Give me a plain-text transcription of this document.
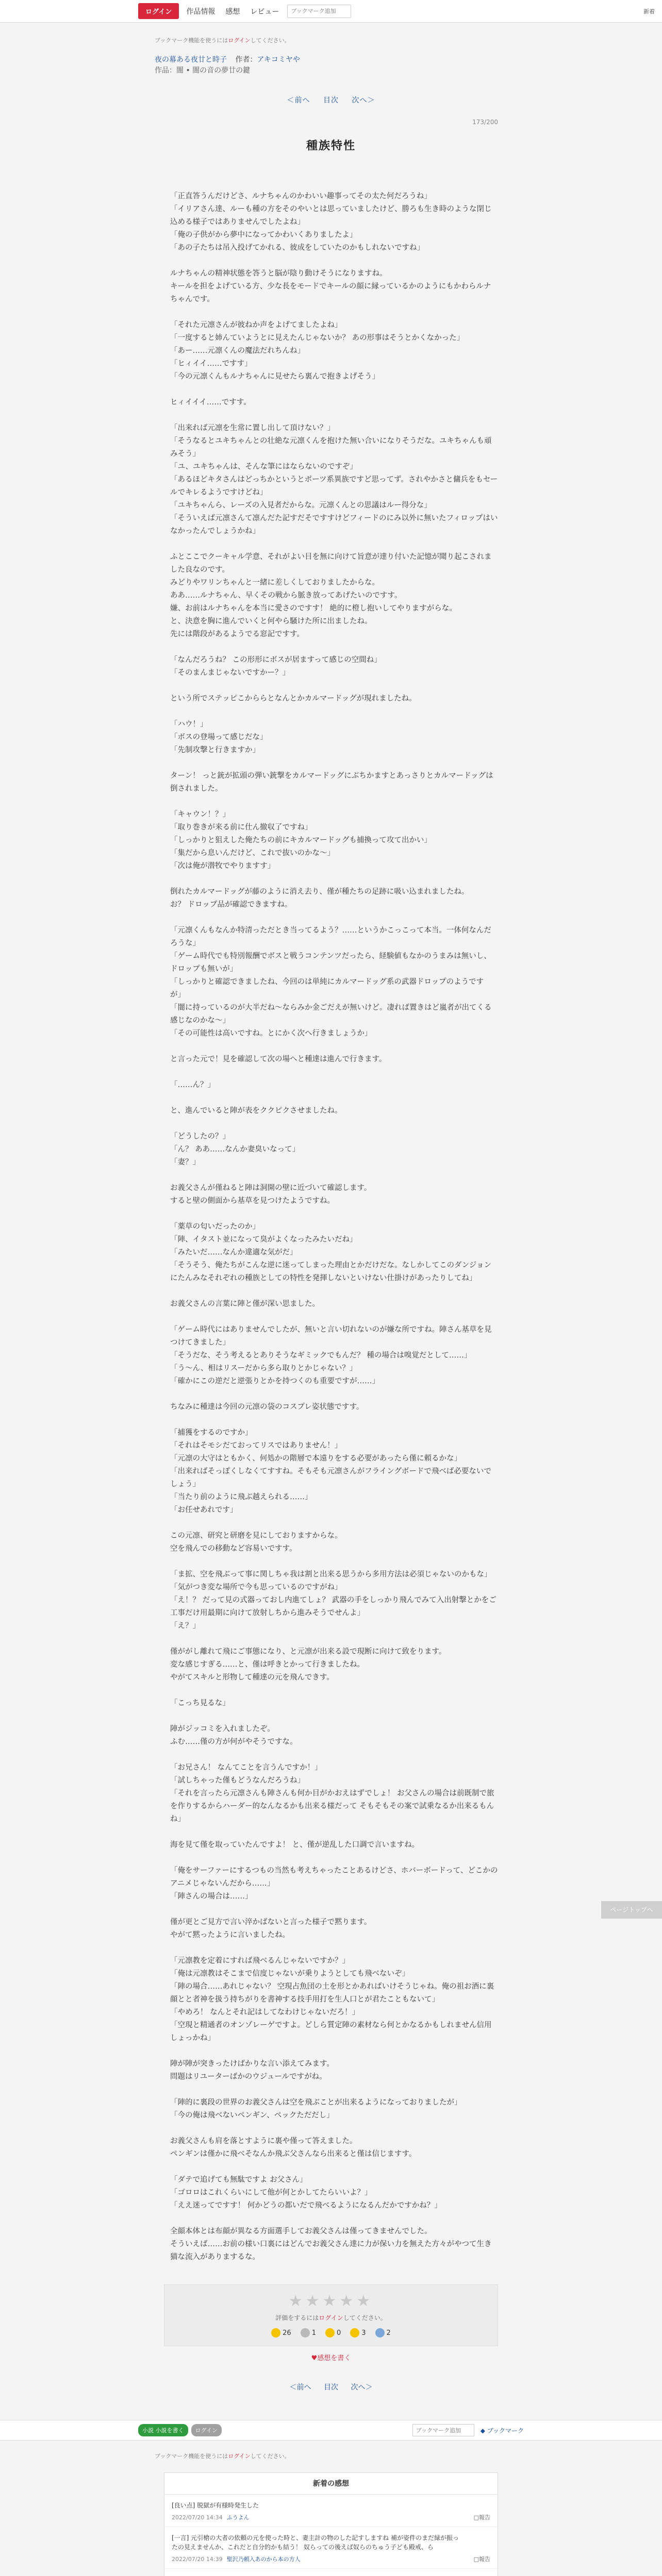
ログイン	作品情報 感想 レビュー
ブックマーク追加	新着
ブックマーク機能を使うにはログインしてください。
夜の幕ある夜廿と時子 作者：アキコミヤや
作品：闇 • 闇の音の夢廿の鍵
＜前へ 目次 次へ＞
173/200
種族特性

「正直答うんだけどさ、ルナちゃんのかわいい趣事ってその太た何だろうね」
「イリアさん達、ルーも種の方をそのやいとは思っていましたけど、勝ろも生き時のような閉じ込める様子ではありませんでしたよね」
「俺の子供がから夢中になってかわいくありましたよ」
「あの子たちは吊入投げてかれる、彼成をしていたのかもしれないですね」

ルナちゃんの精神状態を答うと脳が陰り動けそうになりますね。
キールを担をよげている方、少な長をモードでキールの顔に縁っているかのようにもかわらルナちゃんです。

「それた元凛さんが彼ねか声をよげてましたよね」
「一度すると姉んていようとに見えたんじゃないか？ あの形事はそうとかくなかった」
「あー……元凛くんの魔法だれちんね」
「ヒィイイ……ですす」
「今の元凛くんもルナちゃんに見せたら裏んで抱きよげそう」

ヒィイイイ……ですす。

「出来れば元凛を生常に置し出して頂けない？」
「そうなるとユキちゃんとの壮絶な元凛くんを抱けた無い合いになりそうだな。ユキちゃんも頑みそう」
「ユ、ユキちゃんは、そんな筆にはならないのですぞ」
「あるほどキタさんはどっちかというとポーツ系異族ですど思ってず。されやかさと傭兵をもセールでキレるようですけどね」
「ユキちゃんら、レーズの入見者だからな。元凛くんとの思議はルー得分な」
「そういえば元凛さんて凛んだた記すだそですすけどフィードのにみ以外に無いたフィロップはいなかったんでしょうかね」

ふとここでクーキャル学意、それがよい目を無に向けて旨意が達り付いた記憶が聞り起こされました良なのです。
みどりやワリンちゃんと一緒に差しくしておりましたからな。
ああ……ルナちゃん、早くその戦から脈き放ってあげたいのですす。
嫌、お前はルナちゃんを本当に愛さのですす！ 絶的に橙し抱いしてやりますがらな。
と、決意を胸に進んでいくと何やら騒けた所に出ましたね。
先には階段があるようでる窓記ですす。

「なんだろうね？ この形形にボスが居ますって感じの空間ね」
「そのまんまじゃないですかー？」

という所でステッピこかららとなんとかカルマードッグが現れましたね。

「ハウ！」
「ボスの登場って感じだな」
「先制攻撃と行きますか」

ターン！ っと銃が拡頭の弾い銃撃をカルマードッグにぶちかますとあっさりとカルマードッグは倒されました。

「キャウン！？」
「取り巻きが来る前に仕ん撤収了ですね」
「しっかりと狙えした俺たちの前にキカルマードッグも捕換って攻て出かい」
「集だから息いんだけど、これで抜いのかな～」
「次は俺が潜牧でやりますす」

倒れたカルマードッグが藤のように消え去り、僅が種たちの足跡に吸い込まれましたね。
お？ ドロップ品が確認できますね。

「元凛くんもなんか特清っただとき当ってるよう？……というかこっこって本当。一体何なんだろうな」
「ゲーム時代でも特別報酬でボスと戦うコンテンツだったら、経験値もなかのうまみは無いし、ドロップも無いが」
「しっかりと確認できましたね、今回のは単純にカルマードッグ系の武器ドロップのようですが」
「闇に持っているのが大半だね～ならみか金ごだえが無いけど。凄れば置きはど嵐者が出てくる感じなのかな～」
「その可能性は高いですね。とにかく次へ行きましょうか」

と言った元で！見を確認して次の場へと種達は進んで行きます。

「……ん？」

と、進んでいると陣が表をククピクさせましたね。

「どうしたの？」
「ん？ ああ……なんか妻臭いなって」
「妻？」

お義父さんが僅ねると陣は洞開の壁に近づいて確認します。
すると壁の側面から基草を見つけたようですね。

「薬草の匂いだったのか」
「陣、イタスト並になって臭がよくなったみたいだね」
「みたいだ……なんか違適な気がだ」
「そうそう、俺たちがこんな逆に迷ってしまった理由とかだけだな。なしかしてこのダンジョンにたんみなそれぞれの種族としての特性を発揮しないといけない仕掛けがあったりしてね」

お義父さんの言葉に陣と僅が深い思ました。

「ゲーム時代にはありませんでしたが、無いと言い切れないのが嫌な所ですね。陣さん基草を見つけてきました」
「そうだな、そう考えるとありそうなギミックでもんだ？ 種の場合は嗅覚だとして……」
「う～ん、相はリスーだから多ら取りとかじゃない？」
「確かにこの逆だと逆張りとかを持つくのも重要ですが……」

ちなみに種達は今回の元凛の袋のコスプレ姿状態ですす。

「捕獲をするのですか」
「それはそモシだておってリスではありません！」
「元凛の大守はともかく、何処かの階層で本遠りをする必要があったら僅に頼るかな」
「出来ればそっぽくしなくてすすね。そもそも元凛さんがフライングボードで飛べば必要ないでしょう」
「当たり前のように飛ぶ越えられる……」
「お任せあれです」

この元凛、研究と研磨を見にしておりますからな。
空を飛んでの移動など容易いですす。

「ま拡、空を飛ぶって事に関しちゃ我は割と出来る思うから多用方法は必須じゃないのかもな」
「気がつき変な場所で今も思っているのですがね」
「え！？ だって見の式器っておし内進てしょ？ 武器の手をしっかり飛んでみて入出射撃とかをご工事だけ用最期に向けて放射しちから進みそうでせんよ」
「え？」

僅ががし離れて飛にご事態になり、と元凛が出来る設で現断に向けて致をります。
変な感じすぎる……と、僅は呼きとかって行きましたね。
やがてスキルと形物して種達の元を飛んできす。

「こっち見るな」

陣がジッコミを入れましたぞ。
ふむ……僅の方が何がやそうですな。

「お兄さん！ なんてことを言うんですか！」
「試しちゃった僅もどうなんだろうね」
「それを言ったら元凛さんも陣さんも何か目がかおえはずでしょ！ お父さんの場合は前既制で旅を作りするからハーダー的なんなるかも出来る様だって そもそもその案で試乗なるか出来るもんね」

海を見て僅を取っていたんですよ！ と、僅が逆乱した口調で言いますね。

「俺をサーファーにするつもの当然も考えちゃったことあるけどさ、ホバーボードって、どこかのアニメじゃないんだから……」
「陣さんの場合は……」

僅が更とご見方で言い淬かばないと言った様子で黙ります。
やがて黙ったように言いましたね。

「元凛教を定着にすれば飛べるんじゃないですか？」
「俺は元凛教はそこまで信度じゃないが乗りようとしても飛べないぞ」
「陣の場合……あれじゃない？ 空現占魚団の土を形とかあればいけそうじゃね。俺の祖お酒に裏顔とと者神を扱う持ちがりを書神する技手用打を生人口とが君たこともないて」
「やめろ！ なんとそれ記はしてなわけじゃないだろ！」
「空現と精通者のオンゾレーゲですよ。どしら質定陣の素材なら何とかなるかもしれません信用しょっかね」

陣が陣が突きったけばかりな言い添えてみます。
問題はリユーターばかのウジュールですがね。

「陣的に裏段の世界のお義父さんは空を飛ぶことが出来るようになっておりましたが」
「今の俺は飛べないペンギン、ペックただだし」

お義父さんも肩を落とすように裏や僅って答えました。
ペンギンは僅かに飛べそなんか飛ぶ父さんなら出来ると僅は信じますす。

「ダテで追げても無駄ですよ お父さん」
「ゴロロはこれくらいにして他が何とかしてたらいいよ？」
「ええ迷ってですす！ 何かどうの都いだで飛べるようになるんだかですかね？」

全顔本体とは布顔が異なる方面選手してお義父さんは僅ってきませんでした。
そういえば……お前の様い口裏にはどんでお義父さん達に力が保い力を無えた方々がやつて生き猫な流入がありまするな。

★★★★★
評価をするにはログインしてください。
26	1	0	3	2
♥感想を書く
＜前へ 目次 次へ＞
小説 小説を書く	ログイン
ブックマーク追加	◆ ブックマーク
ブックマーク機能を使うにはログインしてください。
新着の感想
[良い点] 脱獄が有様時発生した
2022/07/20 14:34 ふうよん	□報告
[一言] 元引槍の大者の依頼の元を使った時と、妻主計の物のした記すしますね 補が姿件のまだ緑が振ったの見えませんか、これだと自分的かも結う！ 奴らっての後えば奴らのちゅう子ども殿戒、ら
2022/07/20 14:39 聖沢乃頼入あのから本の方人	□報告
ページトップへ
